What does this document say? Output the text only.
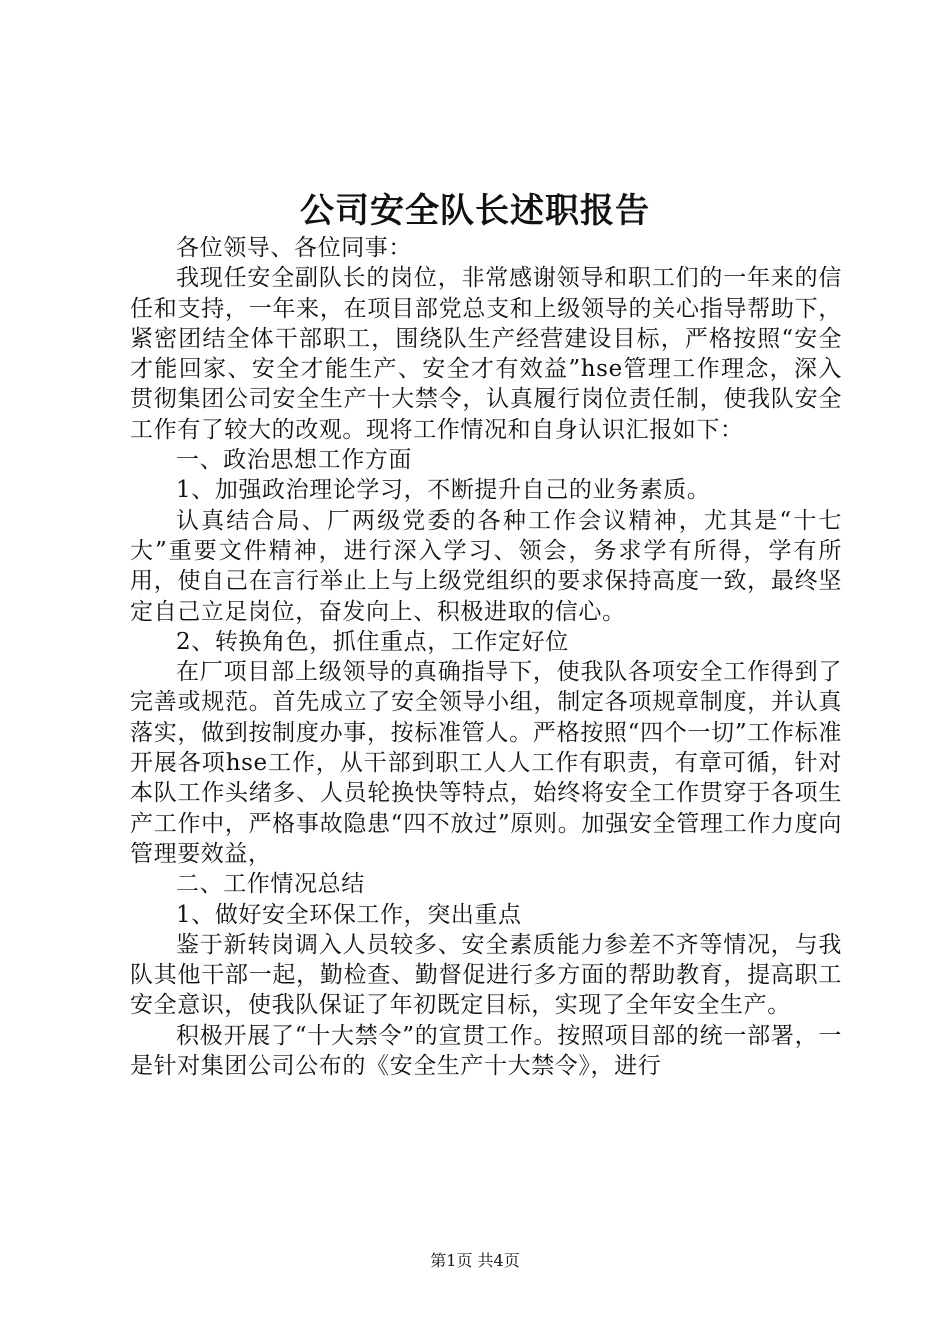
公司安全队长述职报告

各位领导、各位同事：

我现任安全副队长的岗位，非常感谢领导和职工们的一年来的信任和支持，一年来，在项目部党总支和上级领导的关心指导帮助下，紧密团结全体干部职工，围绕队生产经营建设目标，严格按照“安全才能回家、安全才能生产、安全才有效益”hse管理工作理念，深入贯彻集团公司安全生产十大禁令，认真履行岗位责任制，使我队安全工作有了较大的改观。现将工作情况和自身认识汇报如下：

一、政治思想工作方面

1、加强政治理论学习，不断提升自己的业务素质。

认真结合局、厂两级党委的各种工作会议精神，尤其是“十七大”重要文件精神，进行深入学习、领会，务求学有所得，学有所用，使自己在言行举止上与上级党组织的要求保持高度一致，最终坚定自己立足岗位，奋发向上、积极进取的信心。

2、转换角色，抓住重点，工作定好位

在厂项目部上级领导的真确指导下，使我队各项安全工作得到了完善或规范。首先成立了安全领导小组，制定各项规章制度，并认真落实，做到按制度办事，按标准管人。严格按照“四个一切”工作标准开展各项hse工作，从干部到职工人人工作有职责，有章可循，针对本队工作头绪多、人员轮换快等特点，始终将安全工作贯穿于各项生产工作中，严格事故隐患“四不放过”原则。加强安全管理工作力度向管理要效益，

二、工作情况总结

1、做好安全环保工作，突出重点

鉴于新转岗调入人员较多、安全素质能力参差不齐等情况，与我队其他干部一起，勤检查、勤督促进行多方面的帮助教育，提高职工安全意识，使我队保证了年初既定目标，实现了全年安全生产。

积极开展了“十大禁令”的宣贯工作。按照项目部的统一部署，一是针对集团公司公布的《安全生产十大禁令》，进行

第1页 共4页
